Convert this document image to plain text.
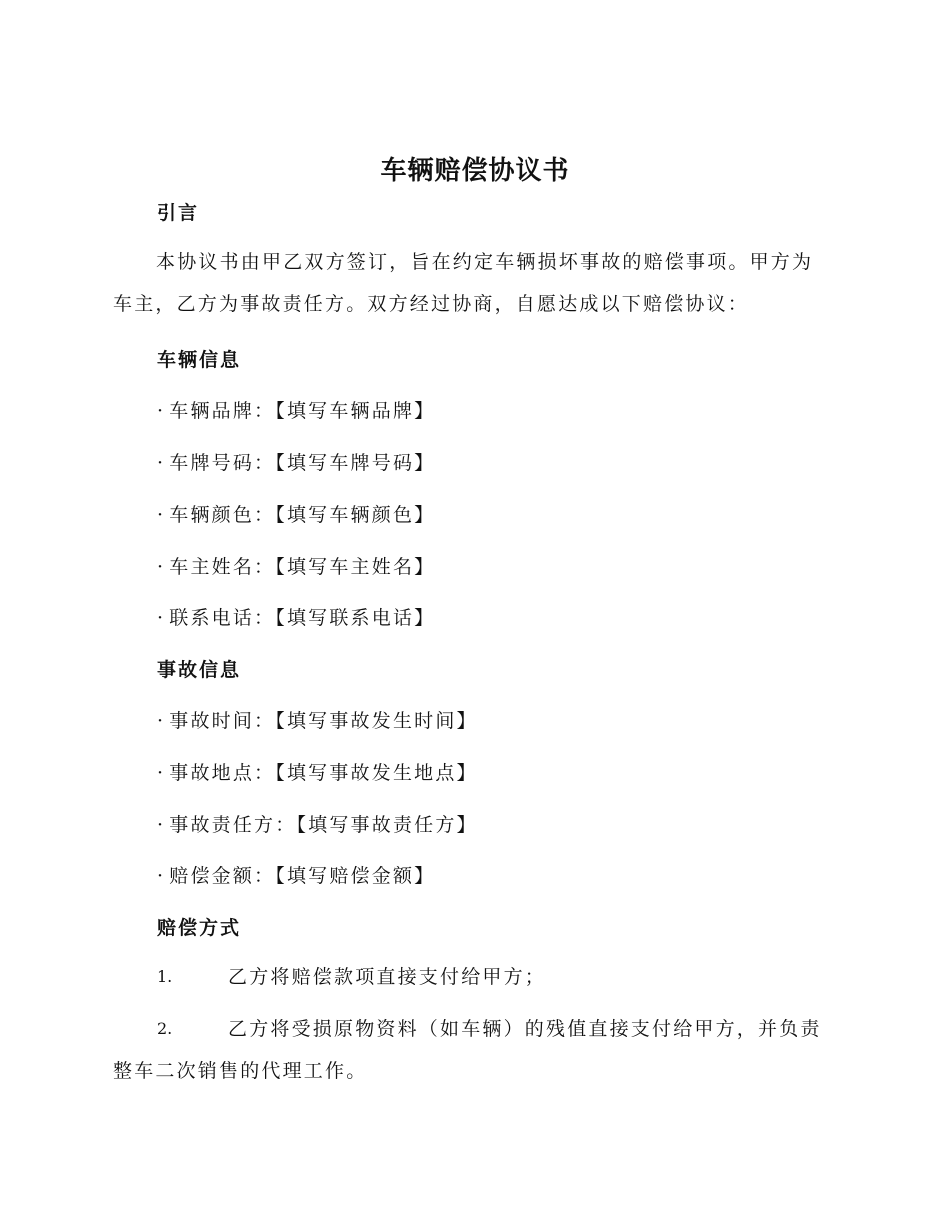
车辆赔偿协议书
引言

本协议书由甲乙双方签订，旨在约定车辆损坏事故的赔偿事项。甲方为车主，乙方为事故责任方。双方经过协商，自愿达成以下赔偿协议：

车辆信息
· 车辆品牌：【填写车辆品牌】
· 车牌号码：【填写车牌号码】
· 车辆颜色：【填写车辆颜色】
· 车主姓名：【填写车主姓名】
· 联系电话：【填写联系电话】
事故信息
· 事故时间：【填写事故发生时间】
· 事故地点：【填写事故发生地点】
· 事故责任方：【填写事故责任方】
· 赔偿金额：【填写赔偿金额】
赔偿方式
1.	乙方将赔偿款项直接支付给甲方；
2.	乙方将受损原物资料（如车辆）的残值直接支付给甲方，并负责整车二次销售的代理工作。
